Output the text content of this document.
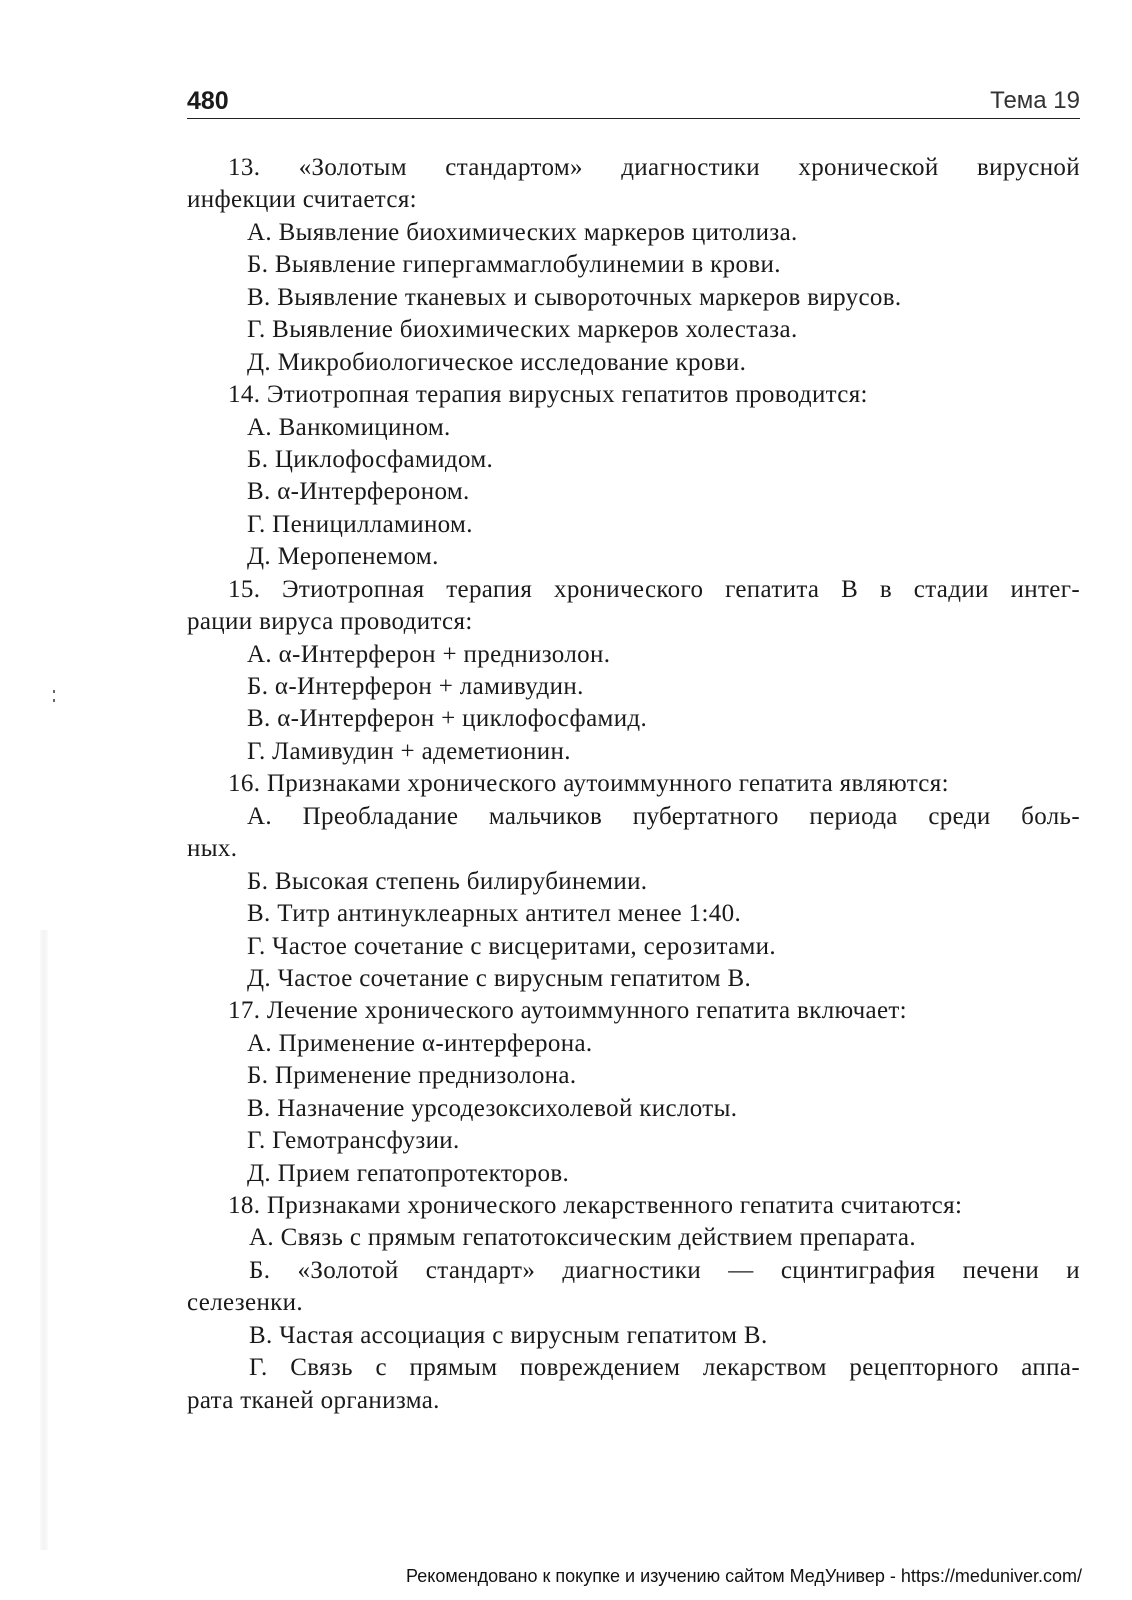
480	Тема 19
13. «Золотым стандартом» диагностики хронической вирусной
инфекции считается:
А. Выявление биохимических маркеров цитолиза.
Б. Выявление гипергаммаглобулинемии в крови.
В. Выявление тканевых и сывороточных маркеров вирусов.
Г. Выявление биохимических маркеров холестаза.
Д. Микробиологическое исследование крови.
14. Этиотропная терапия вирусных гепатитов проводится:
А. Ванкомицином.
Б. Циклофосфамидом.
В. α-Интерфероном.
Г. Пеницилламином.
Д. Меропенемом.
15. Этиотропная терапия хронического гепатита В в стадии интег-
рации вируса проводится:
А. α-Интерферон + преднизолон.
Б. α-Интерферон + ламивудин.
В. α-Интерферон + циклофосфамид.
Г. Ламивудин + адеметионин.
16. Признаками хронического аутоиммунного гепатита являются:
А. Преобладание мальчиков пубертатного периода среди боль-
ных.
Б. Высокая степень билирубинемии.
В. Титр антинуклеарных антител менее 1:40.
Г. Частое сочетание с висцеритами, серозитами.
Д. Частое сочетание с вирусным гепатитом В.
17. Лечение хронического аутоиммунного гепатита включает:
А. Применение α-интерферона.
Б. Применение преднизолона.
В. Назначение урсодезоксихолевой кислоты.
Г. Гемотрансфузии.
Д. Прием гепатопротекторов.
18. Признаками хронического лекарственного гепатита считаются:
А. Связь с прямым гепатотоксическим действием препарата.
Б. «Золотой стандарт» диагностики — сцинтиграфия печени и
селезенки.
В. Частая ассоциация с вирусным гепатитом В.
Г. Связь с прямым повреждением лекарством рецепторного аппа-
рата тканей организма.
Рекомендовано к покупке и изучению сайтом МедУнивер - https://meduniver.com/
